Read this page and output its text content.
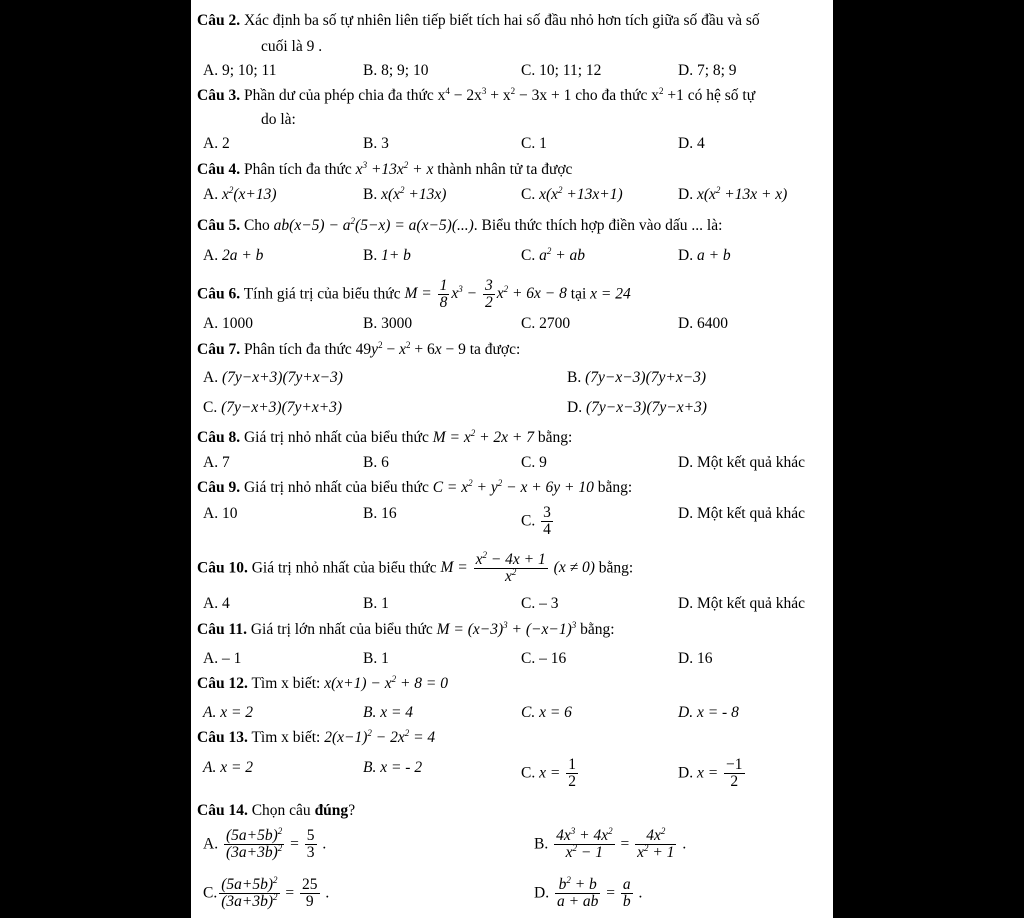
Câu 2. Xác định ba số tự nhiên liên tiếp biết tích hai số đầu nhỏ hơn tích giữa số đầu và số
cuối là 9 .
A. 9; 10; 11	B. 8; 9; 10	C. 10; 11; 12	D. 7; 8; 9
Câu 3. Phần dư của phép chia đa thức $x^4 - 2x^3 + x^2 - 3x + 1$ cho đa thức $x^2 +1$ có hệ số tự
do là:
A. 2	B. 3	C. 1	D. 4
Câu 4. Phân tích đa thức $x^3 +13x^2 + x$ thành nhân tử ta được
A. $x^2(x+13)$	B. $x(x^2 +13x)$	C. $x(x^2 +13x+1)$	D. $x(x^2 +13x + x)$
Câu 5. Cho $ab(x-5) - a^2(5-x) = a(x-5)(...)$. Biểu thức thích hợp điền vào dấu ... là:
A. 2a + b	B. 1+ b	C. $a^2$ + ab	D. a + b
Câu 6. Tính giá trị của biểu thức $M = \frac{1}{8} x^3 - \frac{3}{2} x^2 + 6x - 8$ tại x = 24
A. 1000	B. 3000	C. 2700	D. 6400
Câu 7. Phân tích đa thức $49y^2 - x^2 + 6x - 9$ ta được:
A. (7y−x+3)(7y+x−3)	B. (7y−x−3)(7y+x−3)
C. (7y−x+3)(7y+x+3)	D. (7y−x−3)(7y−x+3)
Câu 8. Giá trị nhỏ nhất của biểu thức $M = x^2 + 2x + 7$ bằng:
A. 7	B. 6	C. 9	D. Một kết quả khác
Câu 9. Giá trị nhỏ nhất của biểu thức $C = x^2 + y^2 - x + 6y + 10$ bằng:
A. 10	B. 16	C. $\frac{3}{4}$	D. Một kết quả khác
Câu 10. Giá trị nhỏ nhất của biểu thức $M = \frac{x^2 - 4x + 1}{x^2} (x \ne 0)$ bằng:
A. 4	B. 1	C. – 3	D. Một kết quả khác
Câu 11. Giá trị lớn nhất của biểu thức $M = (x-3)^3 + (-x-1)^3$ bằng:
A. – 1	B. 1	C. – 16	D. 16
Câu 12. Tìm x biết: $x(x+1) - x^2 + 8 = 0$
A. x = 2	B. x = 4	C. x = 6	D. x = - 8
Câu 13. Tìm x biết: $2(x-1)^2 - 2x^2 = 4$
A. x = 2	B. x = - 2	C. $x = \frac{1}{2}$	D. $x = \frac{-1}{2}$
Câu 14. Chọn câu đúng?
A. $\frac{(5a+5b)^2}{(3a+3b)^2} = \frac{5}{3}$ .	B. $\frac{4x^3 + 4x^2}{x^2 - 1} = \frac{4x^2}{x^2 + 1}$ .
C. $\frac{(5a+5b)^2}{(3a+3b)^2} = \frac{25}{9}$ .	D. $\frac{b^2 + b}{a + ab} = \frac{a}{b}$ .
